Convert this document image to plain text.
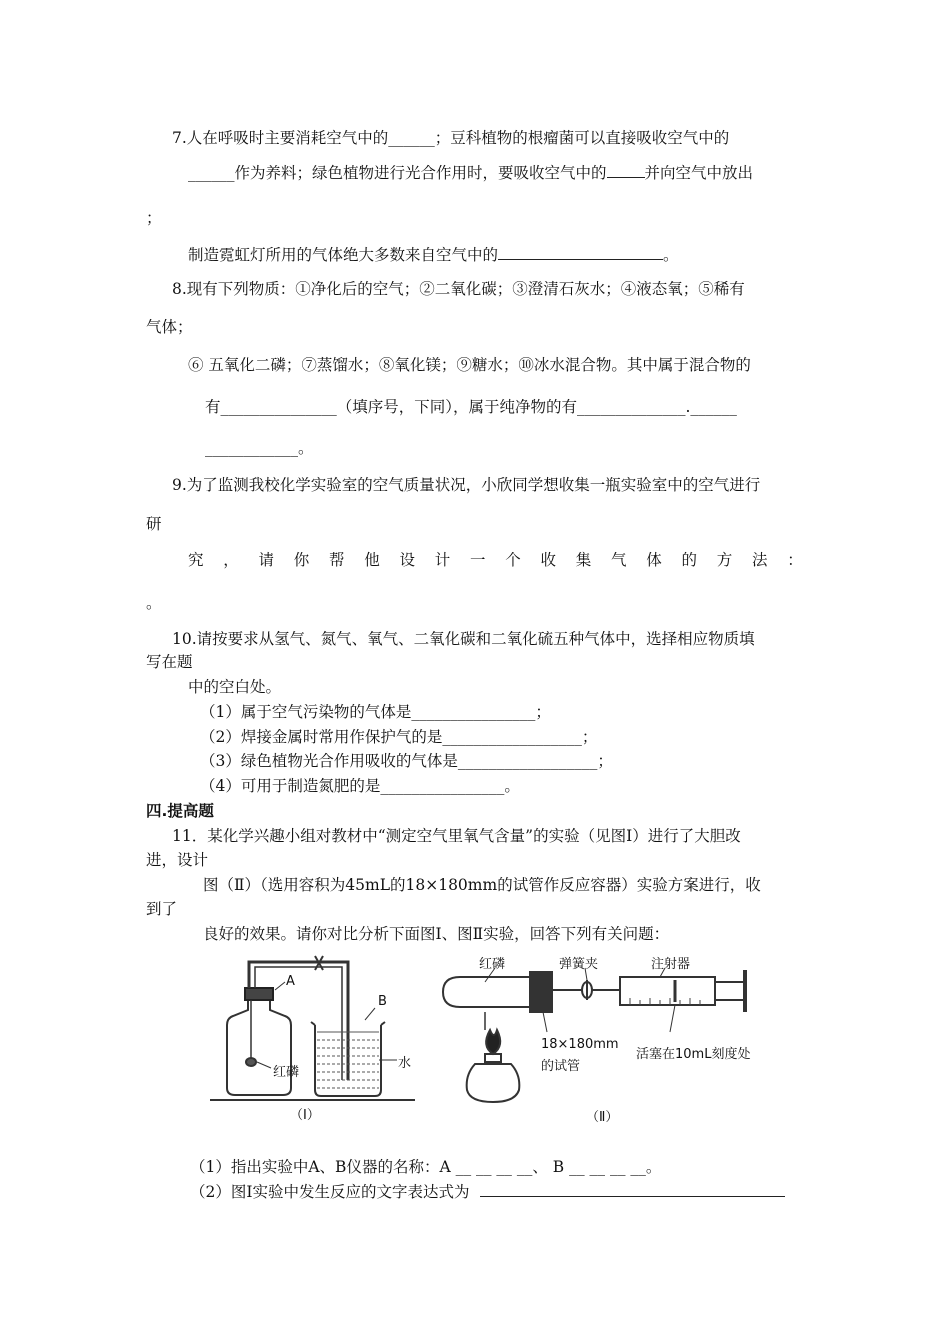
7.人在呼吸时主要消耗空气中的______；豆科植物的根瘤菌可以直接吸收空气中的
______作为养料；绿色植物进行光合作用时，要吸收空气中的 并向空气中放出
；
制造霓虹灯所用的气体绝大多数来自空气中的	。
8.现有下列物质：①净化后的空气；②二氧化碳；③澄清石灰水；④液态氧；⑤稀有
气体；
⑥ 五氧化二磷；⑦蒸馏水；⑧氧化镁；⑨糖水；⑩冰水混合物。其中属于混合物的
有_______________（填序号，下同），属于纯净物的有______________.______
____________。
9.为了监测我校化学实验室的空气质量状况，小欣同学想收集一瓶实验室中的空气进行
研
究 ， 请 你 帮 他 设 计 一 个 收 集 气 体 的 方 法 ：
。
10.请按要求从氢气、氮气、氧气、二氧化碳和二氧化硫五种气体中，选择相应物质填
写在题
中的空白处。
（1）属于空气污染物的气体是________________；
（2）焊接金属时常用作保护气的是__________________；
（3）绿色植物光合作用吸收的气体是__________________；
（4）可用于制造氮肥的是________________。
四.提高题
11．某化学兴趣小组对教材中“测定空气里氧气含量”的实验（见图Ⅰ）进行了大胆改
进，设计
图（Ⅱ）（选用容积为45mL的18×180mm的试管作反应容器）实验方案进行，收
到了
良好的效果。请你对比分析下面图Ⅰ、图Ⅱ实验，回答下列有关问题：
A
B
红磷
水
（Ⅰ）
红磷	弹簧夹	注射器
18×180mm
的试管
活塞在10mL刻度处
（Ⅱ）
（1）指出实验中A、B仪器的名称：A __ __ __ __、 B __ __ __ __。
（2）图Ⅰ实验中发生反应的文字表达式为
